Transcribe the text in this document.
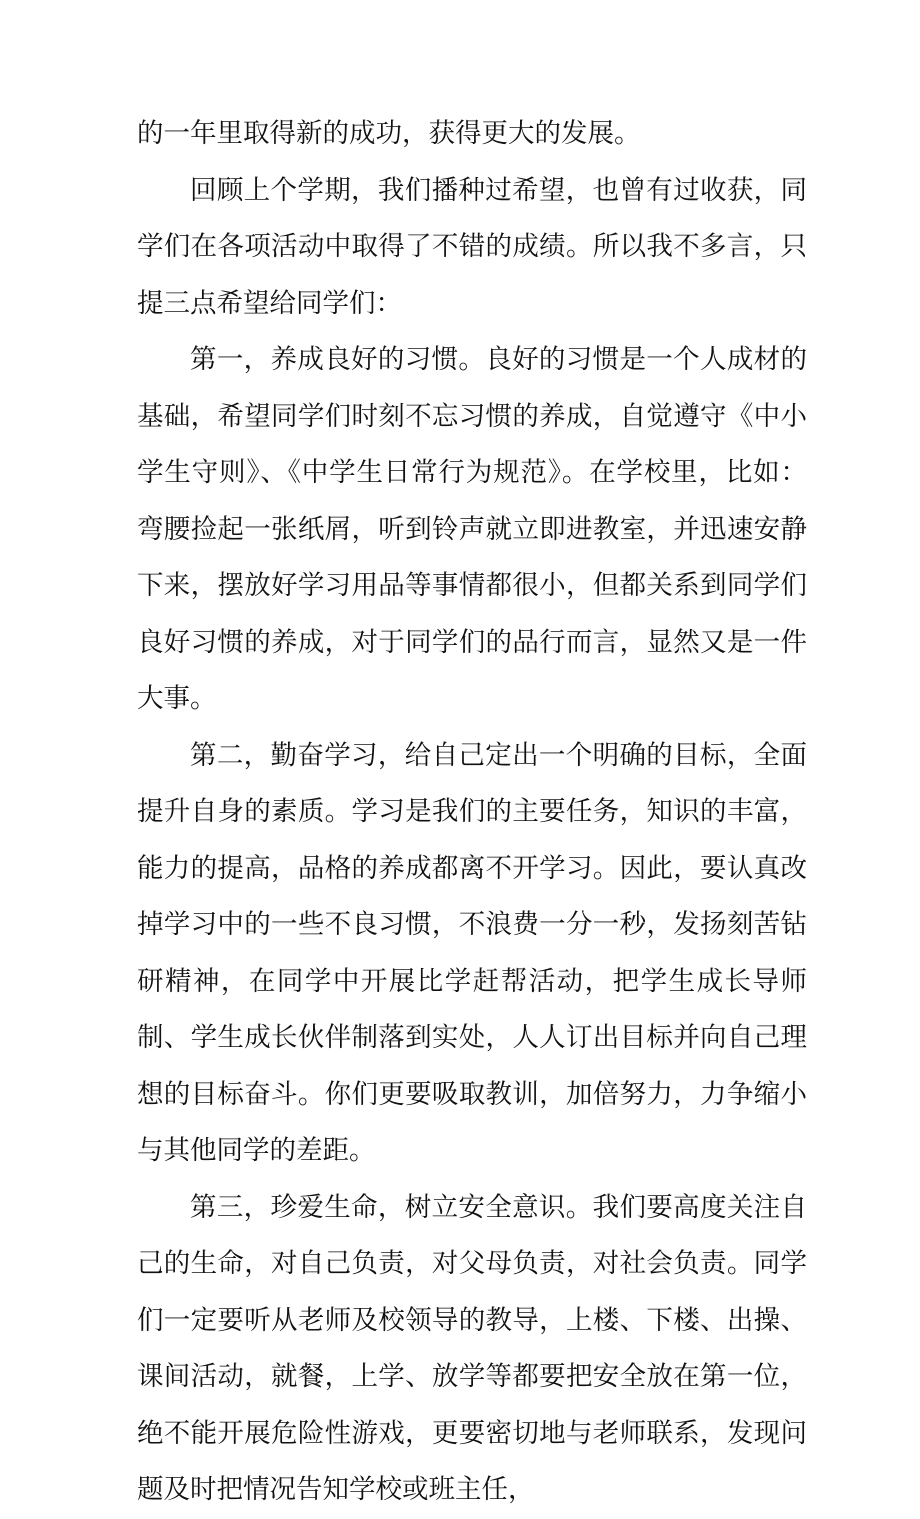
的一年里取得新的成功，获得更大的发展。

回顾上个学期，我们播种过希望，也曾有过收获，同学们在各项活动中取得了不错的成绩。所以我不多言，只提三点希望给同学们：

第一，养成良好的习惯。良好的习惯是一个人成材的基础，希望同学们时刻不忘习惯的养成，自觉遵守《中小学生守则》、《中学生日常行为规范》。在学校里，比如：弯腰捡起一张纸屑，听到铃声就立即进教室，并迅速安静下来，摆放好学习用品等事情都很小，但都关系到同学们良好习惯的养成，对于同学们的品行而言，显然又是一件大事。

第二，勤奋学习，给自己定出一个明确的目标，全面提升自身的素质。学习是我们的主要任务，知识的丰富，能力的提高，品格的养成都离不开学习。因此，要认真改掉学习中的一些不良习惯，不浪费一分一秒，发扬刻苦钻研精神，在同学中开展比学赶帮活动，把学生成长导师制、学生成长伙伴制落到实处，人人订出目标并向自己理想的目标奋斗。你们更要吸取教训，加倍努力，力争缩小与其他同学的差距。

第三，珍爱生命，树立安全意识。我们要高度关注自己的生命，对自己负责，对父母负责，对社会负责。同学们一定要听从老师及校领导的教导，上楼、下楼、出操、课间活动，就餐，上学、放学等都要把安全放在第一位，绝不能开展危险性游戏，更要密切地与老师联系，发现问题及时把情况告知学校或班主任，
